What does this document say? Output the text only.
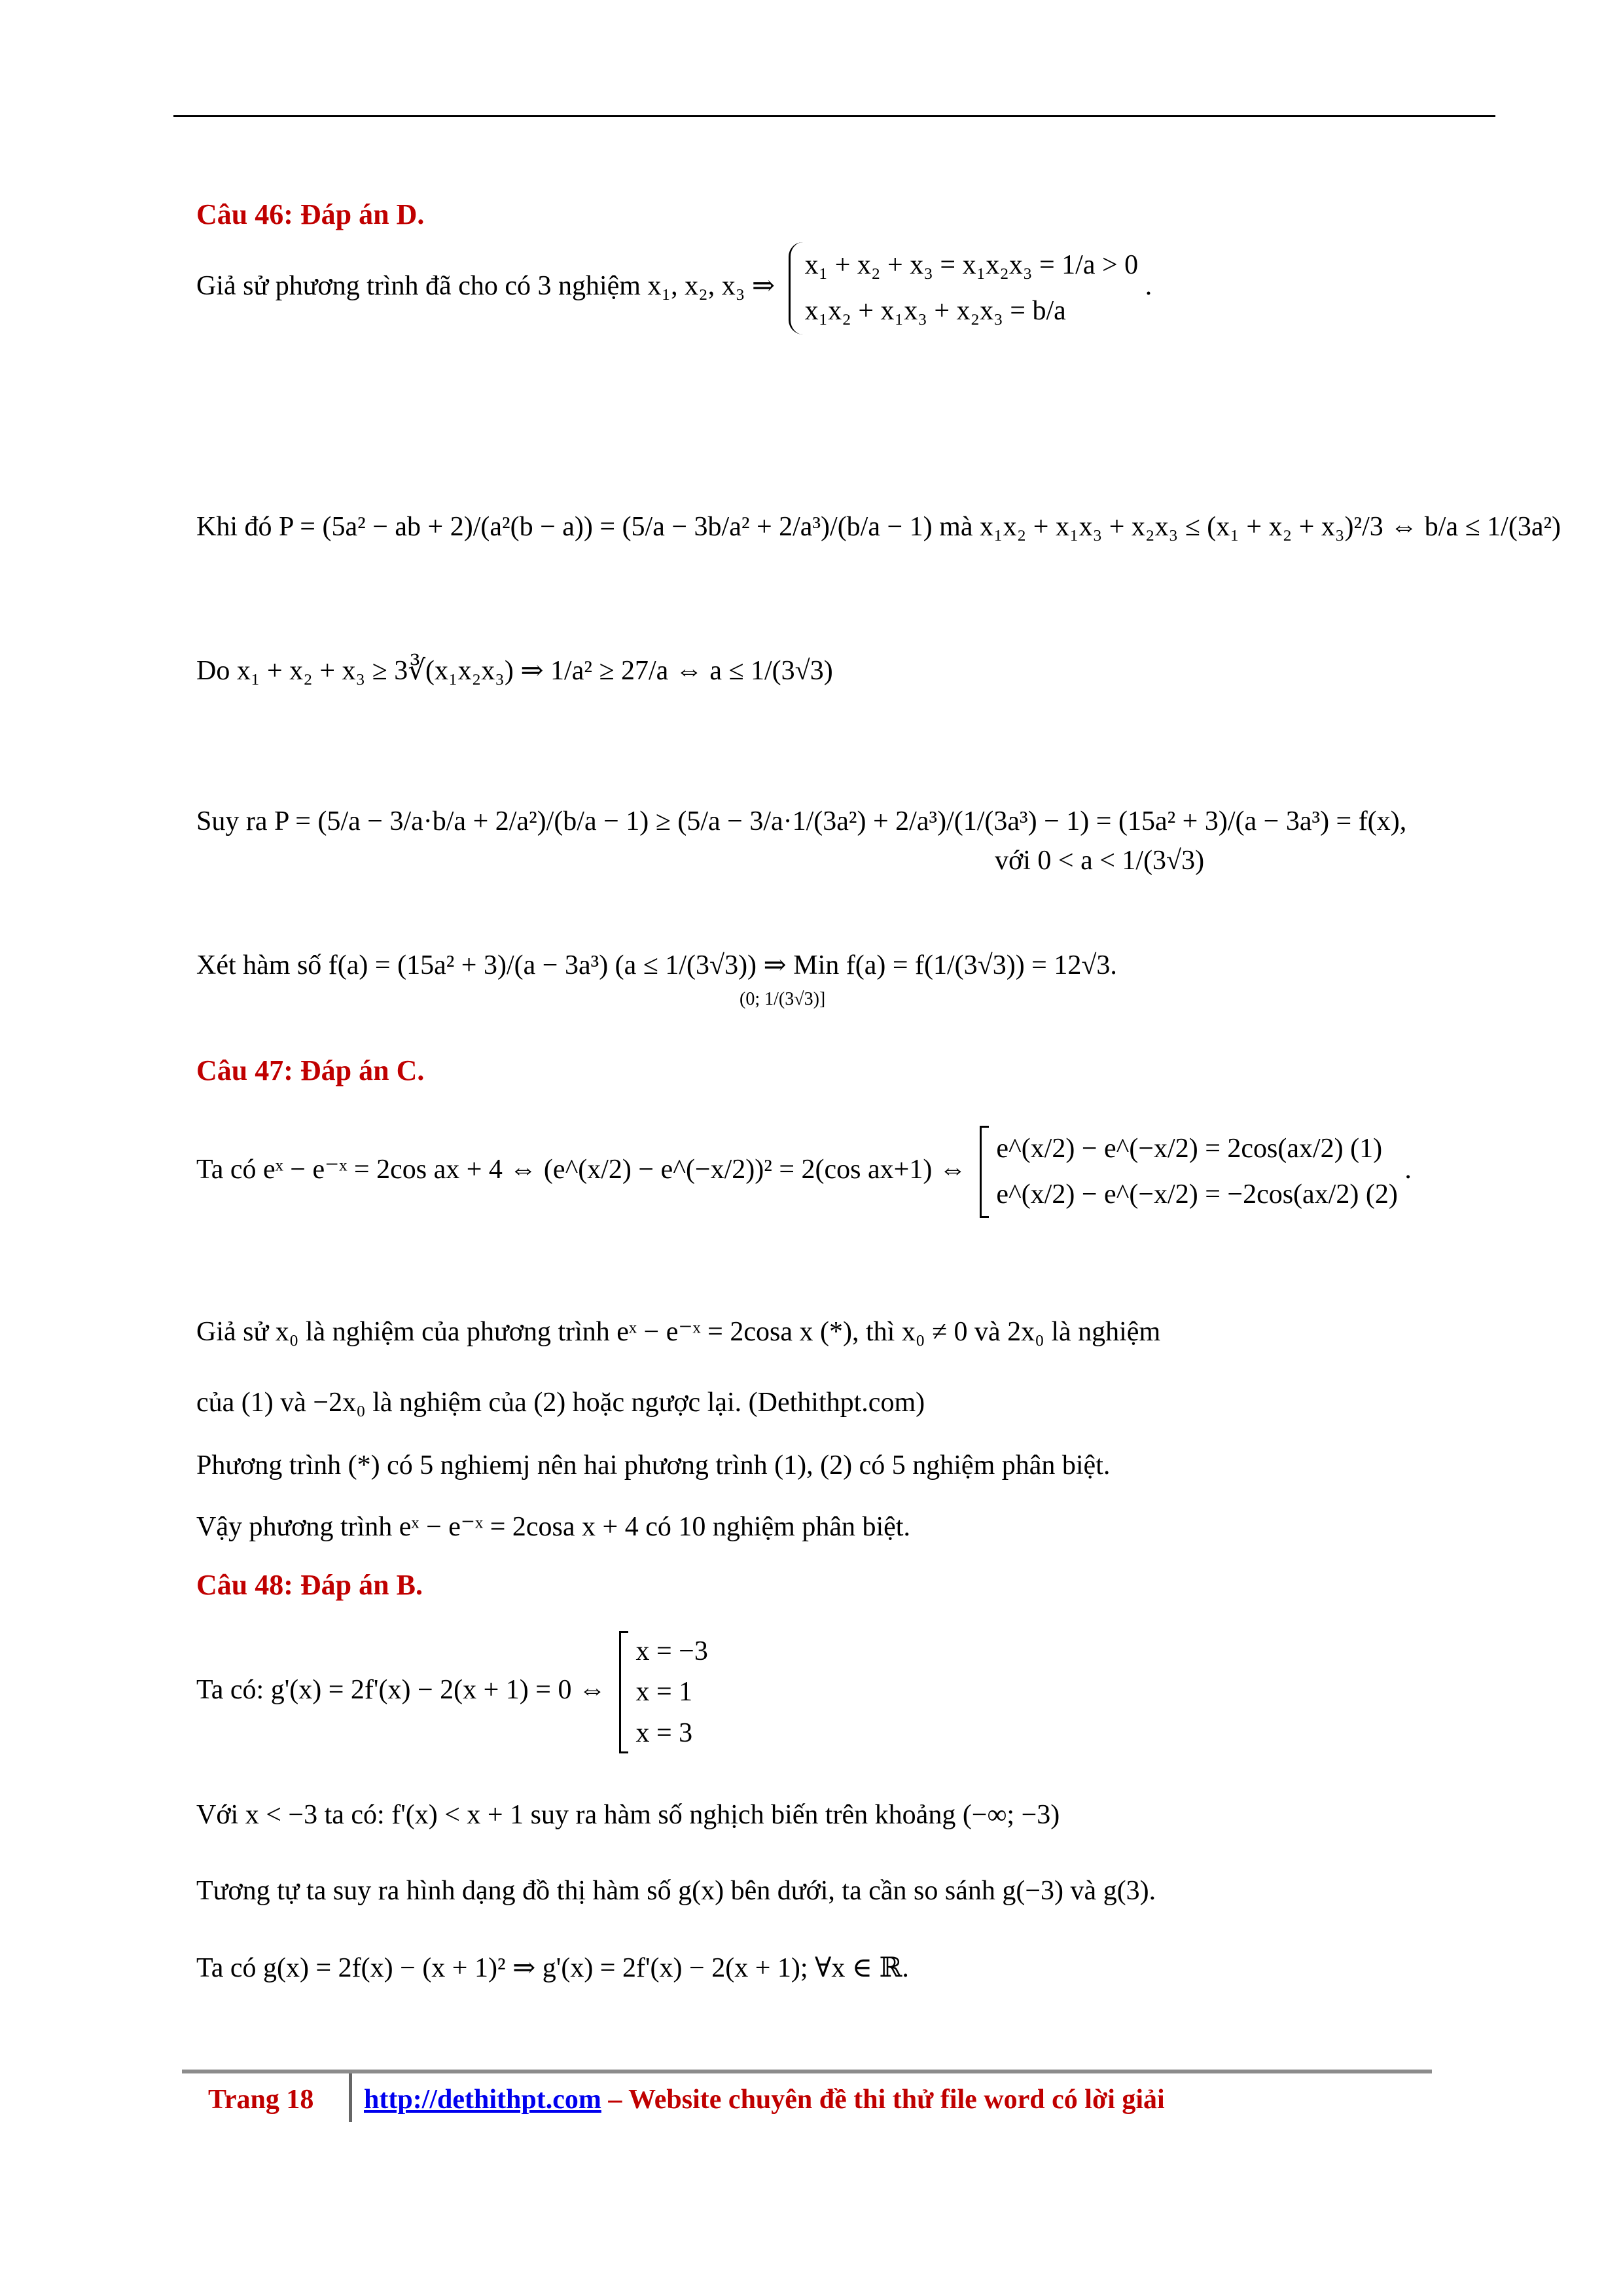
Câu 46: Đáp án D.
Giả sử phương trình đã cho có 3 nghiệm x₁, x₂, x₃ ⇒
x₁ + x₂ + x₃ = x₁x₂x₃ = 1/a > 0
x₁x₂ + x₁x₃ + x₂x₃ = b/a
.
Khi đó P = (5a² − ab + 2)/(a²(b − a)) = (5/a − 3b/a² + 2/a³)/(b/a − 1) mà x₁x₂ + x₁x₃ + x₂x₃ ≤ (x₁ + x₂ + x₃)²/3 ⇔ b/a ≤ 1/(3a²)
Do x₁ + x₂ + x₃ ≥ 3∛(x₁x₂x₃) ⇒ 1/a² ≥ 27/a ⇔ a ≤ 1/(3√3)
Suy ra P = (5/a − 3/a·b/a + 2/a²)/(b/a − 1) ≥ (5/a − 3/a·1/(3a²) + 2/a³)/(1/(3a³) − 1) = (15a² + 3)/(a − 3a³) = f(x),
với 0 < a < 1/(3√3)
Xét hàm số f(a) = (15a² + 3)/(a − 3a³) (a ≤ 1/(3√3)) ⇒ Min f(a) = f(1/(3√3)) = 12√3.
(0; 1/(3√3)]
Câu 47: Đáp án C.
Ta có eˣ − e⁻ˣ = 2cos ax + 4 ⇔ (e^(x/2) − e^(−x/2))² = 2(cos ax+1) ⇔
e^(x/2) − e^(−x/2) = 2cos(ax/2) (1)
e^(x/2) − e^(−x/2) = −2cos(ax/2) (2)
.
Giả sử x₀ là nghiệm của phương trình eˣ − e⁻ˣ = 2cosa x (*), thì x₀ ≠ 0 và 2x₀ là nghiệm
của (1) và −2x₀ là nghiệm của (2) hoặc ngược lại. (Dethithpt.com)
Phương trình (*) có 5 nghiemj nên hai phương trình (1), (2) có 5 nghiệm phân biệt.
Vậy phương trình eˣ − e⁻ˣ = 2cosa x + 4 có 10 nghiệm phân biệt.
Câu 48: Đáp án B.
Ta có: g'(x) = 2f'(x) − 2(x + 1) = 0 ⇔
x = −3
x = 1
x = 3
Với x < −3 ta có: f'(x) < x + 1 suy ra hàm số nghịch biến trên khoảng (−∞; −3)
Tương tự ta suy ra hình dạng đồ thị hàm số g(x) bên dưới, ta cần so sánh g(−3) và g(3).
Ta có g(x) = 2f(x) − (x + 1)² ⇒ g'(x) = 2f'(x) − 2(x + 1); ∀x ∈ ℝ.
Trang 18 http://dethithpt.com – Website chuyên đề thi thử file word có lời giải
